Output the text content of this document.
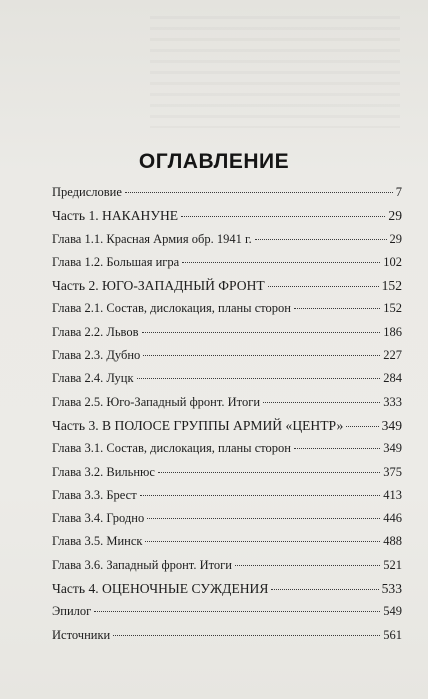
ОГЛАВЛЕНИЕ
Предисловие	7
Часть 1. НАКАНУНЕ	29
Глава 1.1. Красная Армия обр. 1941 г.	29
Глава 1.2. Большая игра	102
Часть 2. ЮГО-ЗАПАДНЫЙ ФРОНТ	152
Глава 2.1. Состав, дислокация, планы сторон	152
Глава 2.2. Львов	186
Глава 2.3. Дубно	227
Глава 2.4. Луцк	284
Глава 2.5. Юго-Западный фронт. Итоги	333
Часть 3. В ПОЛОСЕ ГРУППЫ АРМИЙ «ЦЕНТР»	349
Глава 3.1. Состав, дислокация, планы сторон	349
Глава 3.2. Вильнюс	375
Глава 3.3. Брест	413
Глава 3.4. Гродно	446
Глава 3.5. Минск	488
Глава 3.6. Западный фронт. Итоги	521
Часть 4. ОЦЕНОЧНЫЕ СУЖДЕНИЯ	533
Эпилог	549
Источники	561
